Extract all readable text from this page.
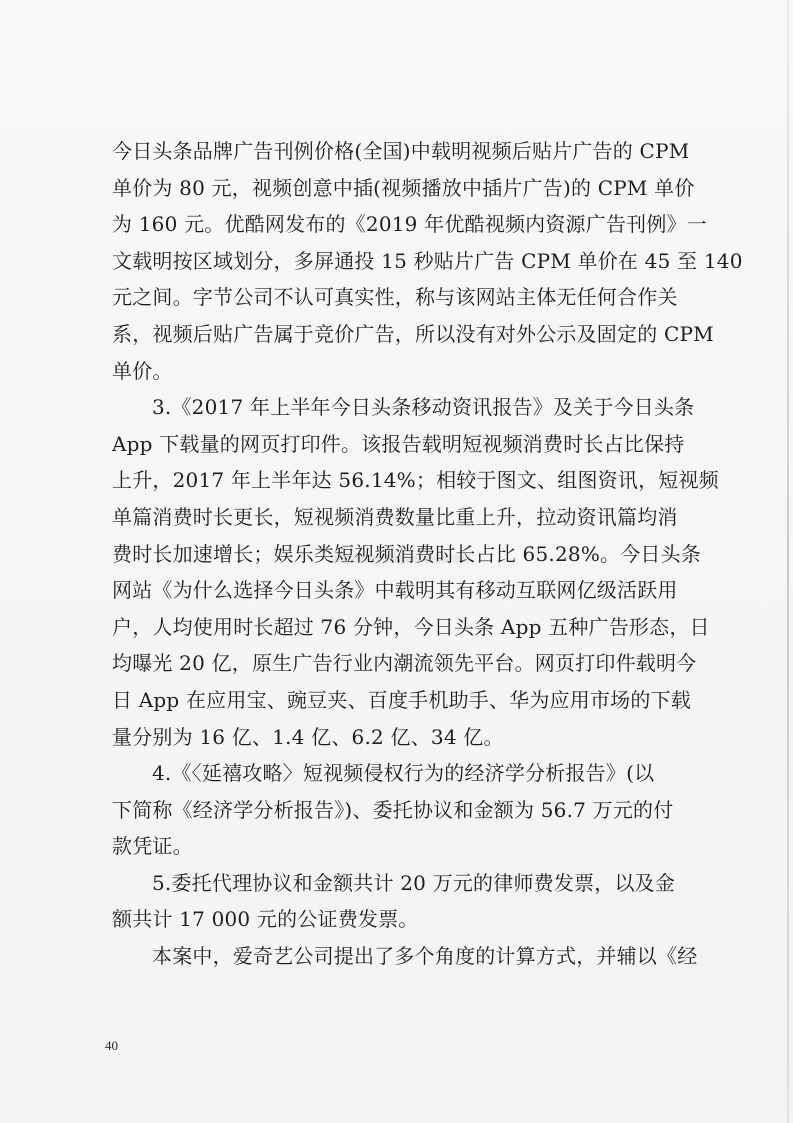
今日头条品牌广告刊例价格(全国)中载明视频后贴片广告的 CPM
单价为 80 元，视频创意中插(视频播放中插片广告)的 CPM 单价
为 160 元。优酷网发布的《2019 年优酷视频内资源广告刊例》一
文载明按区域划分，多屏通投 15 秒贴片广告 CPM 单价在 45 至 140
元之间。字节公司不认可真实性，称与该网站主体无任何合作关
系，视频后贴广告属于竞价广告，所以没有对外公示及固定的 CPM
单价。
3.《2017 年上半年今日头条移动资讯报告》及关于今日头条
App 下载量的网页打印件。该报告载明短视频消费时长占比保持
上升，2017 年上半年达 56.14%；相较于图文、组图资讯，短视频
单篇消费时长更长，短视频消费数量比重上升，拉动资讯篇均消
费时长加速增长；娱乐类短视频消费时长占比 65.28%。今日头条
网站《为什么选择今日头条》中载明其有移动互联网亿级活跃用
户，人均使用时长超过 76 分钟，今日头条 App 五种广告形态，日
均曝光 20 亿，原生广告行业内潮流领先平台。网页打印件载明今
日 App 在应用宝、豌豆夹、百度手机助手、华为应用市场的下载
量分别为 16 亿、1.4 亿、6.2 亿、34 亿。
4.《〈延禧攻略〉短视频侵权行为的经济学分析报告》(以
下简称《经济学分析报告》)、委托协议和金额为 56.7 万元的付
款凭证。
5.委托代理协议和金额共计 20 万元的律师费发票，以及金
额共计 17 000 元的公证费发票。
本案中，爱奇艺公司提出了多个角度的计算方式，并辅以《经
40
